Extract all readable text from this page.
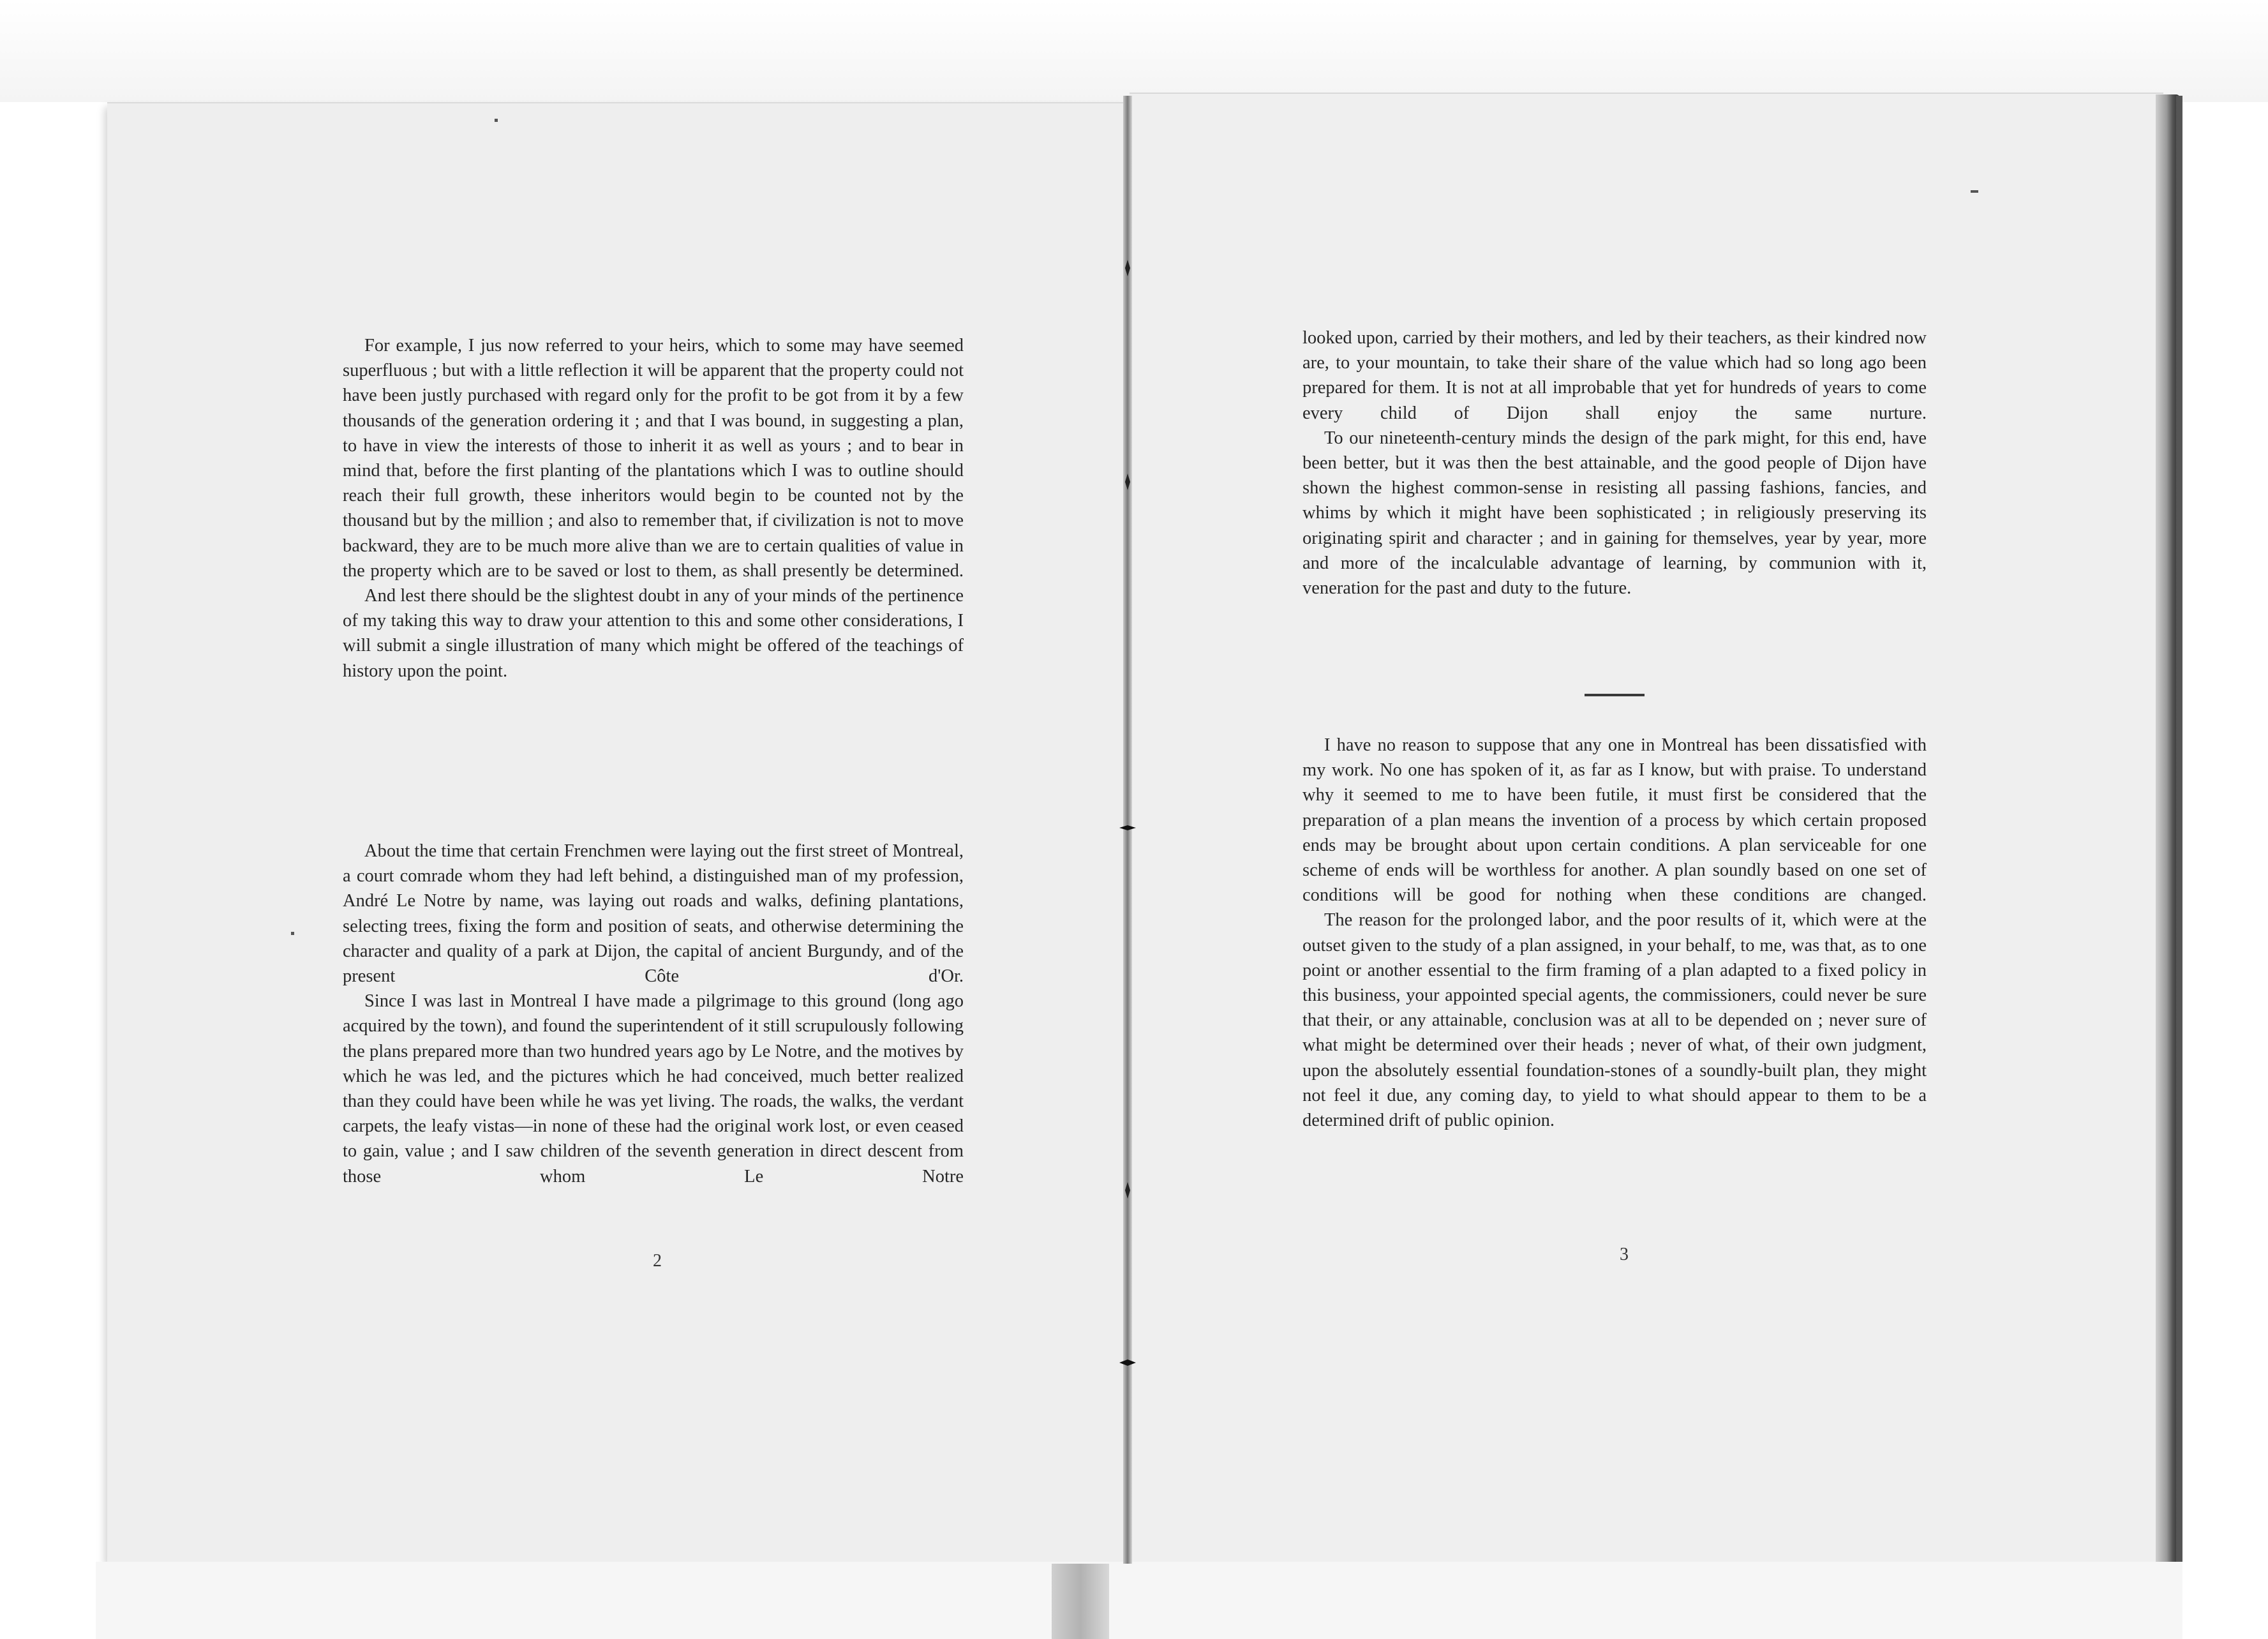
For example, I jus now referred to your heirs, which to some may have seemed superfluous ; but with a little reflection it will be apparent that the property could not have been justly purchased with regard only for the profit to be got from it by a few thousands of the generation ordering it ; and that I was bound, in suggesting a plan, to have in view the interests of those to inherit it as well as yours ; and to bear in mind that, before the first planting of the plantations which I was to outline should reach their full growth, these inheritors would begin to be counted not by the thousand but by the million ; and also to remember that, if civilization is not to move backward, they are to be much more alive than we are to certain qualities of value in the property which are to be saved or lost to them, as shall presently be determined.

And lest there should be the slightest doubt in any of your minds of the pertinence of my taking this way to draw your attention to this and some other considerations, I will submit a single illustration of many which might be offered of the teachings of history upon the point.

About the time that certain Frenchmen were laying out the first street of Montreal, a court comrade whom they had left behind, a distinguished man of my profession, André Le Notre by name, was laying out roads and walks, defining plantations, selecting trees, fixing the form and position of seats, and otherwise determining the character and quality of a park at Dijon, the capital of ancient Burgundy, and of the present Côte d'Or.

Since I was last in Montreal I have made a pilgrimage to this ground (long ago acquired by the town), and found the superintendent of it still scrupulously following the plans prepared more than two hundred years ago by Le Notre, and the motives by which he was led, and the pictures which he had conceived, much better realized than they could have been while he was yet living. The roads, the walks, the verdant carpets, the leafy vistas—in none of these had the original work lost, or even ceased to gain, value ; and I saw children of the seventh generation in direct descent from those whom Le Notre

2

looked upon, carried by their mothers, and led by their teachers, as their kindred now are, to your mountain, to take their share of the value which had so long ago been prepared for them. It is not at all improbable that yet for hundreds of years to come every child of Dijon shall enjoy the same nurture.

To our nineteenth-century minds the design of the park might, for this end, have been better, but it was then the best attainable, and the good people of Dijon have shown the highest common-sense in resisting all passing fashions, fancies, and whims by which it might have been sophisticated ; in religiously preserving its originating spirit and character ; and in gaining for themselves, year by year, more and more of the incalculable advantage of learning, by communion with it, veneration for the past and duty to the future.

I have no reason to suppose that any one in Montreal has been dissatisfied with my work. No one has spoken of it, as far as I know, but with praise. To understand why it seemed to me to have been futile, it must first be considered that the preparation of a plan means the invention of a process by which certain proposed ends may be brought about upon certain conditions. A plan serviceable for one scheme of ends will be worthless for another. A plan soundly based on one set of conditions will be good for nothing when these conditions are changed.

The reason for the prolonged labor, and the poor results of it, which were at the outset given to the study of a plan assigned, in your behalf, to me, was that, as to one point or another essential to the firm framing of a plan adapted to a fixed policy in this business, your appointed special agents, the commissioners, could never be sure that their, or any attainable, conclusion was at all to be depended on ; never sure of what might be determined over their heads ; never of what, of their own judgment, upon the absolutely essential foundation-stones of a soundly-built plan, they might not feel it due, any coming day, to yield to what should appear to them to be a determined drift of public opinion.

3
